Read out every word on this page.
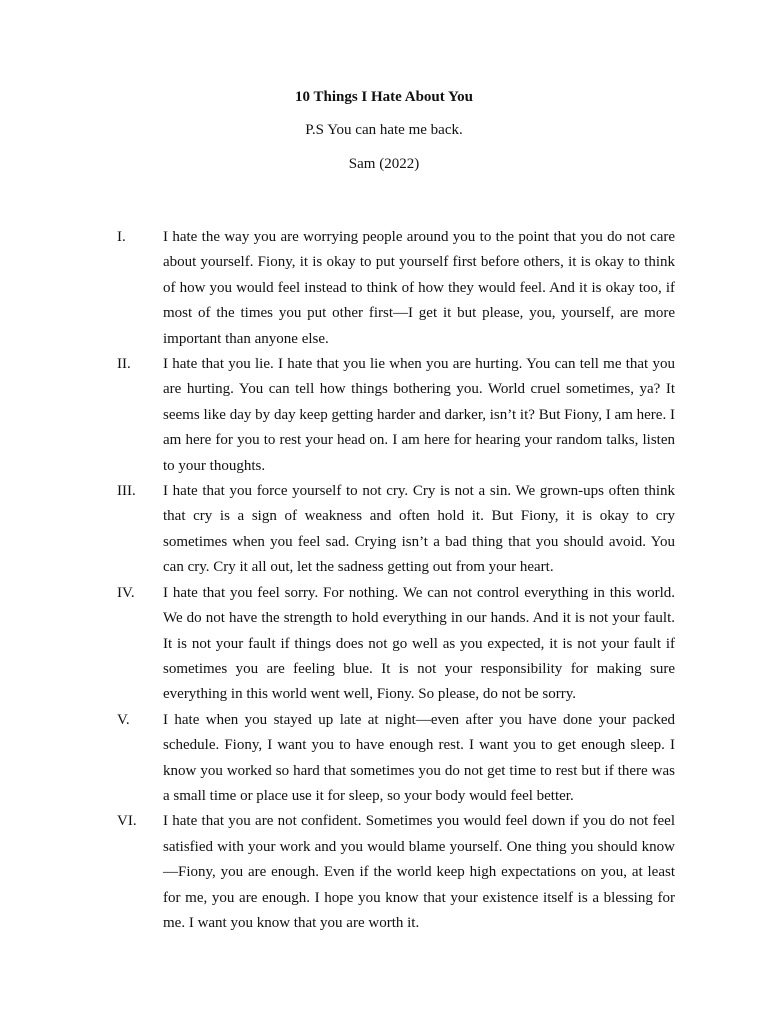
10 Things I Hate About You

P.S You can hate me back.

Sam (2022)

I. I hate the way you are worrying people around you to the point that you do not care about yourself. Fiony, it is okay to put yourself first before others, it is okay to think of how you would feel instead to think of how they would feel. And it is okay too, if most of the times you put other first—I get it but please, you, yourself, are more important than anyone else.
II. I hate that you lie. I hate that you lie when you are hurting. You can tell me that you are hurting. You can tell how things bothering you. World cruel sometimes, ya? It seems like day by day keep getting harder and darker, isn’t it? But Fiony, I am here. I am here for you to rest your head on. I am here for hearing your random talks, listen to your thoughts.
III. I hate that you force yourself to not cry. Cry is not a sin. We grown-ups often think that cry is a sign of weakness and often hold it. But Fiony, it is okay to cry sometimes when you feel sad. Crying isn’t a bad thing that you should avoid. You can cry. Cry it all out, let the sadness getting out from your heart.
IV. I hate that you feel sorry. For nothing. We can not control everything in this world. We do not have the strength to hold everything in our hands. And it is not your fault. It is not your fault if things does not go well as you expected, it is not your fault if sometimes you are feeling blue. It is not your responsibility for making sure everything in this world went well, Fiony. So please, do not be sorry.
V. I hate when you stayed up late at night—even after you have done your packed schedule. Fiony, I want you to have enough rest. I want you to get enough sleep. I know you worked so hard that sometimes you do not get time to rest but if there was a small time or place use it for sleep, so your body would feel better.
VI. I hate that you are not confident. Sometimes you would feel down if you do not feel satisfied with your work and you would blame yourself. One thing you should know—Fiony, you are enough. Even if the world keep high expectations on you, at least for me, you are enough. I hope you know that your existence itself is a blessing for me. I want you know that you are worth it.
